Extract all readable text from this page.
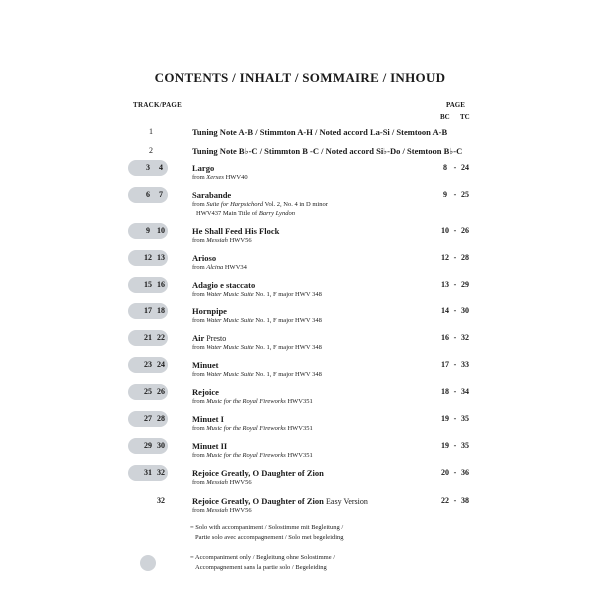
CONTENTS / INHALT / SOMMAIRE / INHOUD
TRACK/PAGE	PAGE
BC TC
1	Tuning Note A-B / Stimmton A-H / Noted accord La-Si / Stemtoon A-B
2	Tuning Note B♭-C / Stimmton B -C / Noted accord Si♭-Do / Stemtoon B♭-C
3	4	Largo
from Xerxes HWV40
8 - 24
6	7	Sarabande
from Suite for Harpsichord Vol. 2, No. 4 in D minor
HWV437 Main Title of Barry Lyndon
9 - 25
9 10	He Shall Feed His Flock
from Messiah HWV56
10 - 26
12 13	Arioso
from Alcina HWV34
12 - 28
15 16	Adagio e staccato
from Water Music Suite No. 1, F major HWV 348
13 - 29
17 18	Hornpipe
from Water Music Suite No. 1, F major HWV 348
14 - 30
21 22	Air Presto
from Water Music Suite No. 1, F major HWV 348
16 - 32
23 24	Minuet
from Water Music Suite No. 1, F major HWV 348
17 - 33
25 26	Rejoice
from Music for the Royal Fireworks HWV351
18 - 34
27 28	Minuet I
from Music for the Royal Fireworks HWV351
19 - 35
29 30	Minuet II
from Music for the Royal Fireworks HWV351
19 - 35
31 32	Rejoice Greatly, O Daughter of Zion
from Messiah HWV56
20 - 36
32	Rejoice Greatly, O Daughter of Zion Easy Version
from Messiah HWV56
22 - 38
= Solo with accompaniment / Solostimme mit Begleitung /
Partie solo avec accompagnement / Solo met begeleiding
= Accompaniment only / Begleitung ohne Solostimme /
Accompagnement sans la partie solo / Begeleiding
